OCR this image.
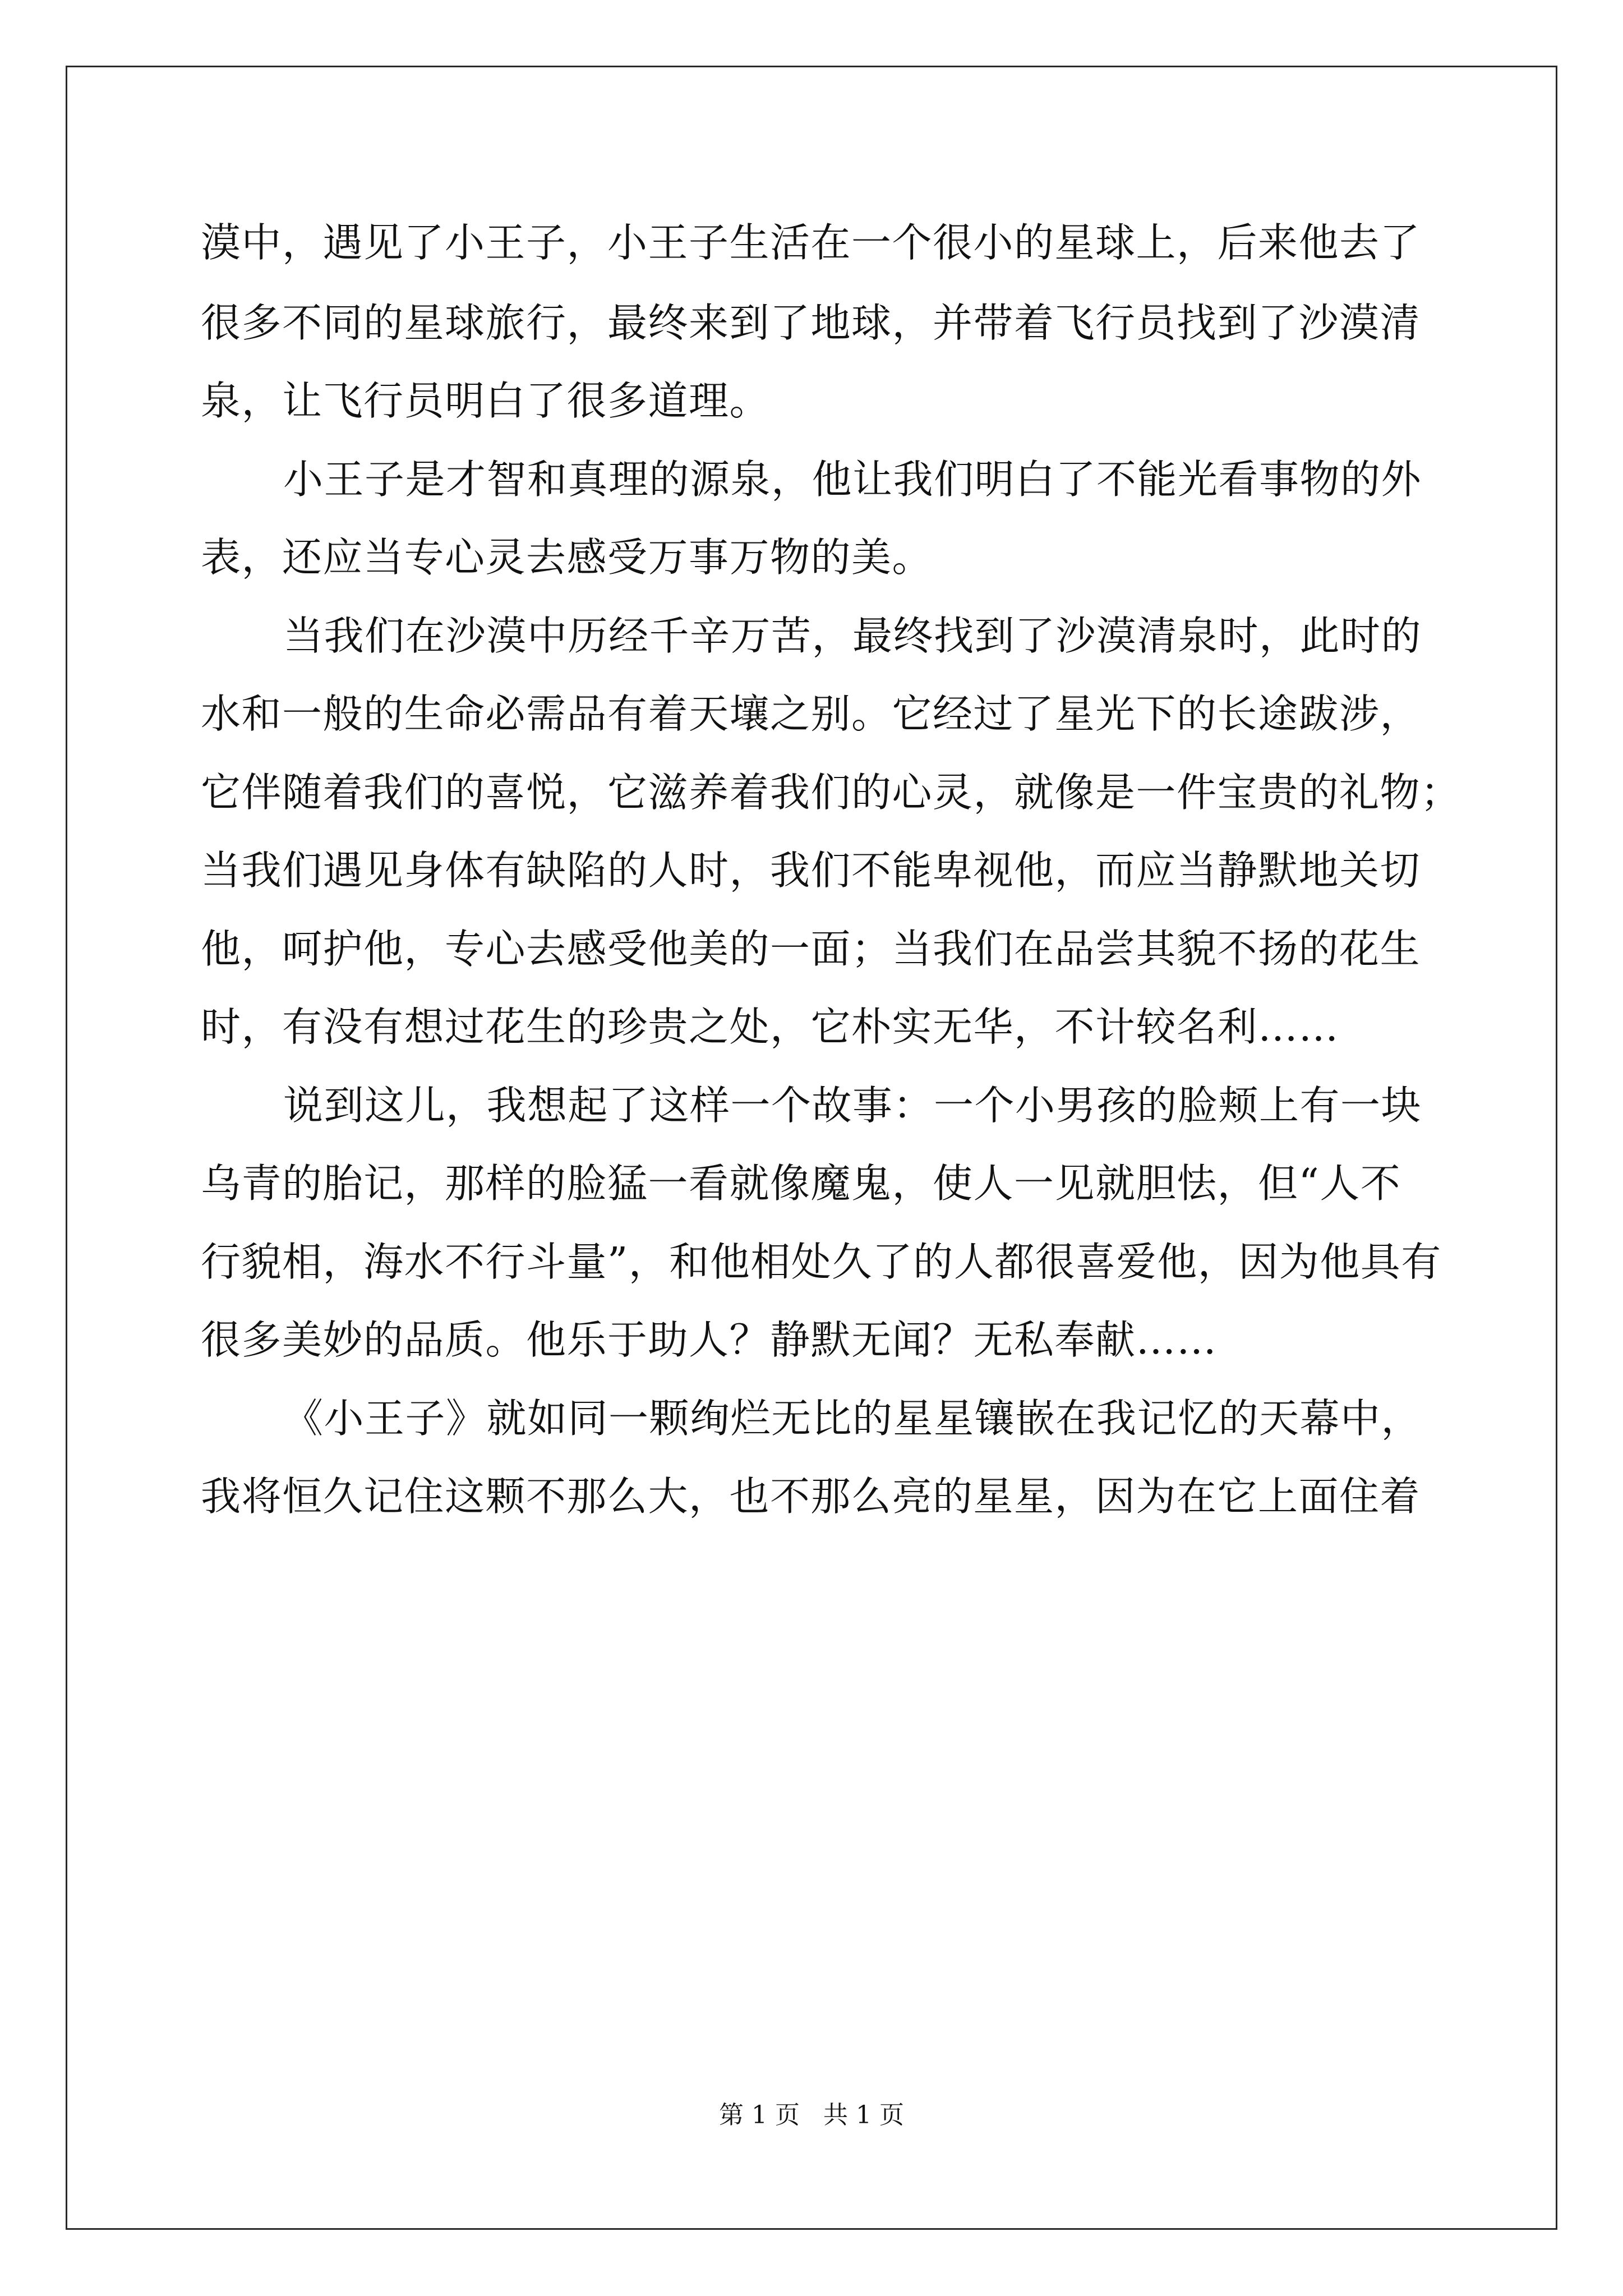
漠中，遇见了小王子，小王子生活在一个很小的星球上，后来他去了

很多不同的星球旅行，最终来到了地球，并带着飞行员找到了沙漠清

泉，让飞行员明白了很多道理。

小王子是才智和真理的源泉，他让我们明白了不能光看事物的外

表，还应当专心灵去感受万事万物的美。

当我们在沙漠中历经千辛万苦，最终找到了沙漠清泉时，此时的

水和一般的生命必需品有着天壤之别。它经过了星光下的长途跋涉，

它伴随着我们的喜悦，它滋养着我们的心灵，就像是一件宝贵的礼物；

当我们遇见身体有缺陷的人时，我们不能卑视他，而应当静默地关切

他，呵护他，专心去感受他美的一面；当我们在品尝其貌不扬的花生

时，有没有想过花生的珍贵之处，它朴实无华，不计较名利……

说到这儿，我想起了这样一个故事：一个小男孩的脸颊上有一块

乌青的胎记，那样的脸猛一看就像魔鬼，使人一见就胆怯，但“人不

行貌相，海水不行斗量”，和他相处久了的人都很喜爱他，因为他具有

很多美妙的品质。他乐于助人？静默无闻？无私奉献……

《小王子》就如同一颗绚烂无比的星星镶嵌在我记忆的天幕中，

我将恒久记住这颗不那么大，也不那么亮的星星，因为在它上面住着

第 1 页   共 1 页
